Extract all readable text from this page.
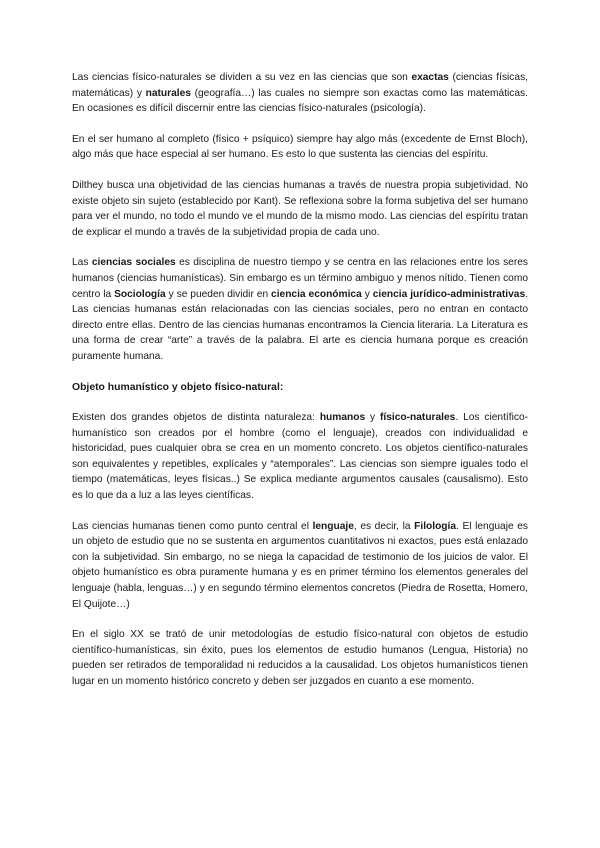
Las ciencias físico-naturales se dividen a su vez en las ciencias que son exactas (ciencias físicas, matemáticas) y naturales (geografía…) las cuales no siempre son exactas como las matemáticas. En ocasiones es difícil discernir entre las ciencias físico-naturales (psicología).

En el ser humano al completo (físico + psíquico) siempre hay algo más (excedente de Ernst Bloch), algo más que hace especial al ser humano. Es esto lo que sustenta las ciencias del espíritu.

Dilthey busca una objetividad de las ciencias humanas a través de nuestra propia subjetividad. No existe objeto sin sujeto (establecido por Kant). Se reflexiona sobre la forma subjetiva del ser humano para ver el mundo, no todo el mundo ve el mundo de la mismo modo. Las ciencias del espíritu tratan de explicar el mundo a través de la subjetividad propia de cada uno.

Las ciencias sociales es disciplina de nuestro tiempo y se centra en las relaciones entre los seres humanos (ciencias humanísticas). Sin embargo es un término ambiguo y menos nítido. Tienen como centro la Sociología y se pueden dividir en ciencia económica y ciencia jurídico-administrativas. Las ciencias humanas están relacionadas con las ciencias sociales, pero no entran en contacto directo entre ellas. Dentro de las ciencias humanas encontramos la Ciencia literaria. La Literatura es una forma de crear “arte” a través de la palabra. El arte es ciencia humana porque es creación puramente humana.

Objeto humanístico y objeto físico-natural:

Existen dos grandes objetos de distinta naturaleza: humanos y físico-naturales. Los científico-humanístico son creados por el hombre (como el lenguaje), creados con individualidad e historicidad, pues cualquier obra se crea en un momento concreto. Los objetos científico-naturales son equivalentes y repetibles, explícales y “atemporales”. Las ciencias son siempre iguales todo el tiempo (matemáticas, leyes físicas..) Se explica mediante argumentos causales (causalismo). Esto es lo que da a luz a las leyes científicas.

Las ciencias humanas tienen como punto central el lenguaje, es decir, la Filología. El lenguaje es un objeto de estudio que no se sustenta en argumentos cuantitativos ni exactos, pues está enlazado con la subjetividad. Sin embargo, no se niega la capacidad de testimonio de los juicios de valor. El objeto humanístico es obra puramente humana y es en primer término los elementos generales del lenguaje (habla, lenguas…) y en segundo término elementos concretos (Piedra de Rosetta, Homero, El Quijote…)

En el siglo XX se trató de unir metodologías de estudio físico-natural con objetos de estudio científico-humanísticas, sin éxito, pues los elementos de estudio humanos (Lengua, Historia) no pueden ser retirados de temporalidad ni reducidos a la causalidad. Los objetos humanísticos tienen lugar en un momento histórico concreto y deben ser juzgados en cuanto a ese momento.
